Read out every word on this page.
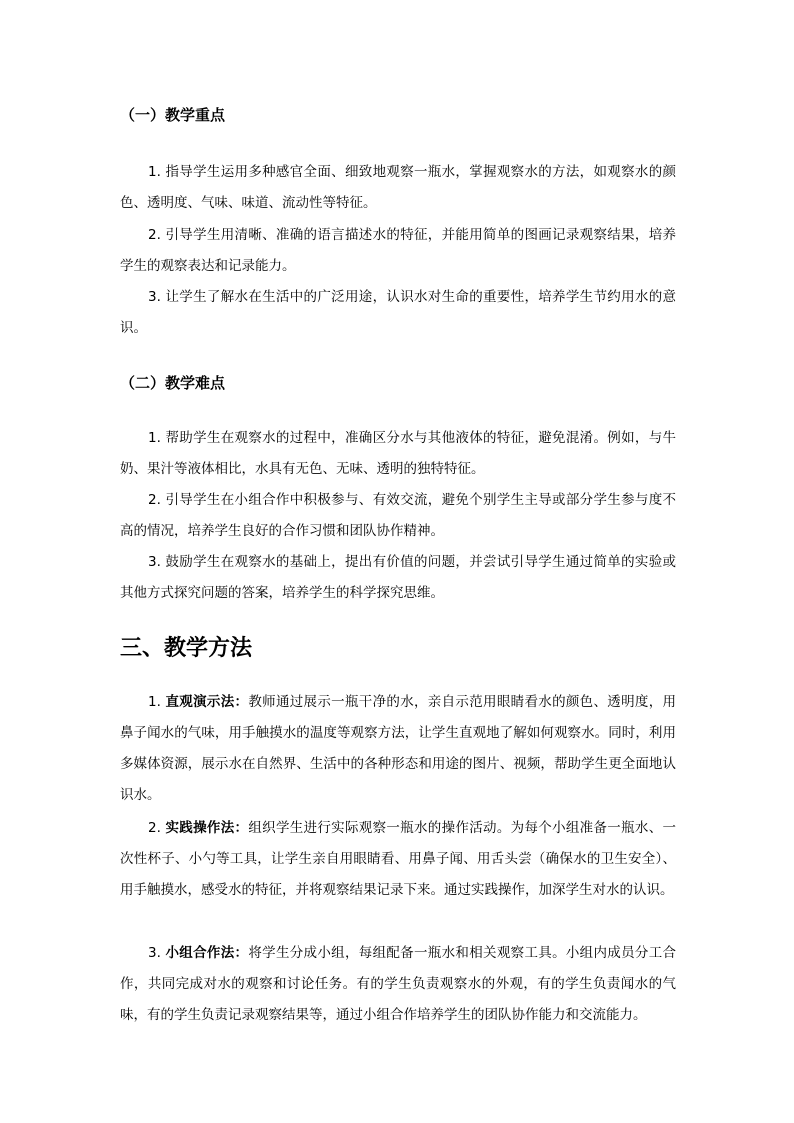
（一）教学重点

1. 指导学生运用多种感官全面、细致地观察一瓶水，掌握观察水的方法，如观察水的颜色、透明度、气味、味道、流动性等特征。

2. 引导学生用清晰、准确的语言描述水的特征，并能用简单的图画记录观察结果，培养学生的观察表达和记录能力。

3. 让学生了解水在生活中的广泛用途，认识水对生命的重要性，培养学生节约用水的意识。

（二）教学难点

1. 帮助学生在观察水的过程中，准确区分水与其他液体的特征，避免混淆。例如，与牛奶、果汁等液体相比，水具有无色、无味、透明的独特特征。

2. 引导学生在小组合作中积极参与、有效交流，避免个别学生主导或部分学生参与度不高的情况，培养学生良好的合作习惯和团队协作精神。

3. 鼓励学生在观察水的基础上，提出有价值的问题，并尝试引导学生通过简单的实验或其他方式探究问题的答案，培养学生的科学探究思维。

三、教学方法

1. 直观演示法：教师通过展示一瓶干净的水，亲自示范用眼睛看水的颜色、透明度，用鼻子闻水的气味，用手触摸水的温度等观察方法，让学生直观地了解如何观察水。同时，利用多媒体资源，展示水在自然界、生活中的各种形态和用途的图片、视频，帮助学生更全面地认识水。

2. 实践操作法：组织学生进行实际观察一瓶水的操作活动。为每个小组准备一瓶水、一次性杯子、小勺等工具，让学生亲自用眼睛看、用鼻子闻、用舌头尝（确保水的卫生安全）、用手触摸水，感受水的特征，并将观察结果记录下来。通过实践操作，加深学生对水的认识。

3. 小组合作法：将学生分成小组，每组配备一瓶水和相关观察工具。小组内成员分工合作，共同完成对水的观察和讨论任务。有的学生负责观察水的外观，有的学生负责闻水的气味，有的学生负责记录观察结果等，通过小组合作培养学生的团队协作能力和交流能力。
